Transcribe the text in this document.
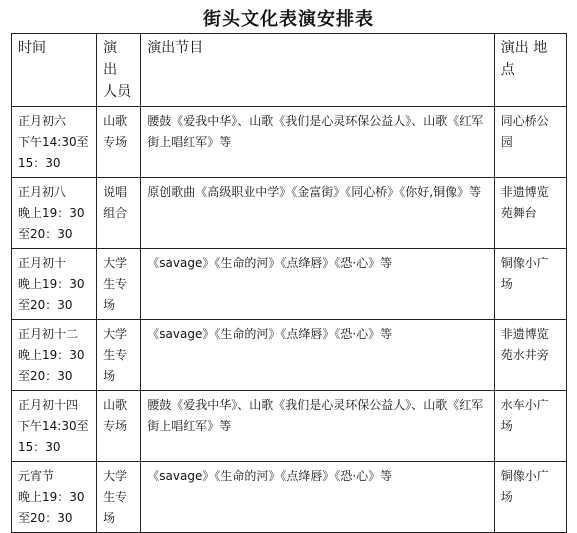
街头文化表演安排表
时间	演 出 人员	演出节目	演出 地点

正月初六
下午14:30至
15：30	山歌 专场	腰鼓《爱我中华》、山歌《我们是心灵环保公益人》、山歌《红军街上唱红军》等	同心桥公 园

正月初八
晚上19：30
至20：30	说唱 组合	原创歌曲《高级职业中学》《金富街》《同心桥》《你好,铜像》等	非遗博览 苑舞台

正月初十
晚上19：30
至20：30	大学 生专 场	《savage》《生命的河》《点绛唇》《恐·心》等	铜像小广 场

正月初十二
晚上19：30
至20：30	大学 生专 场	《savage》《生命的河》《点绛唇》《恐·心》等	非遗博览 苑水井旁

正月初十四
下午14:30至
15：30	山歌 专场	腰鼓《爱我中华》、山歌《我们是心灵环保公益人》、山歌《红军街上唱红军》等	水车小广 场

元宵节
晚上19：30
至20：30	大学 生专 场	《savage》《生命的河》《点绛唇》《恐·心》等	铜像小广 场
